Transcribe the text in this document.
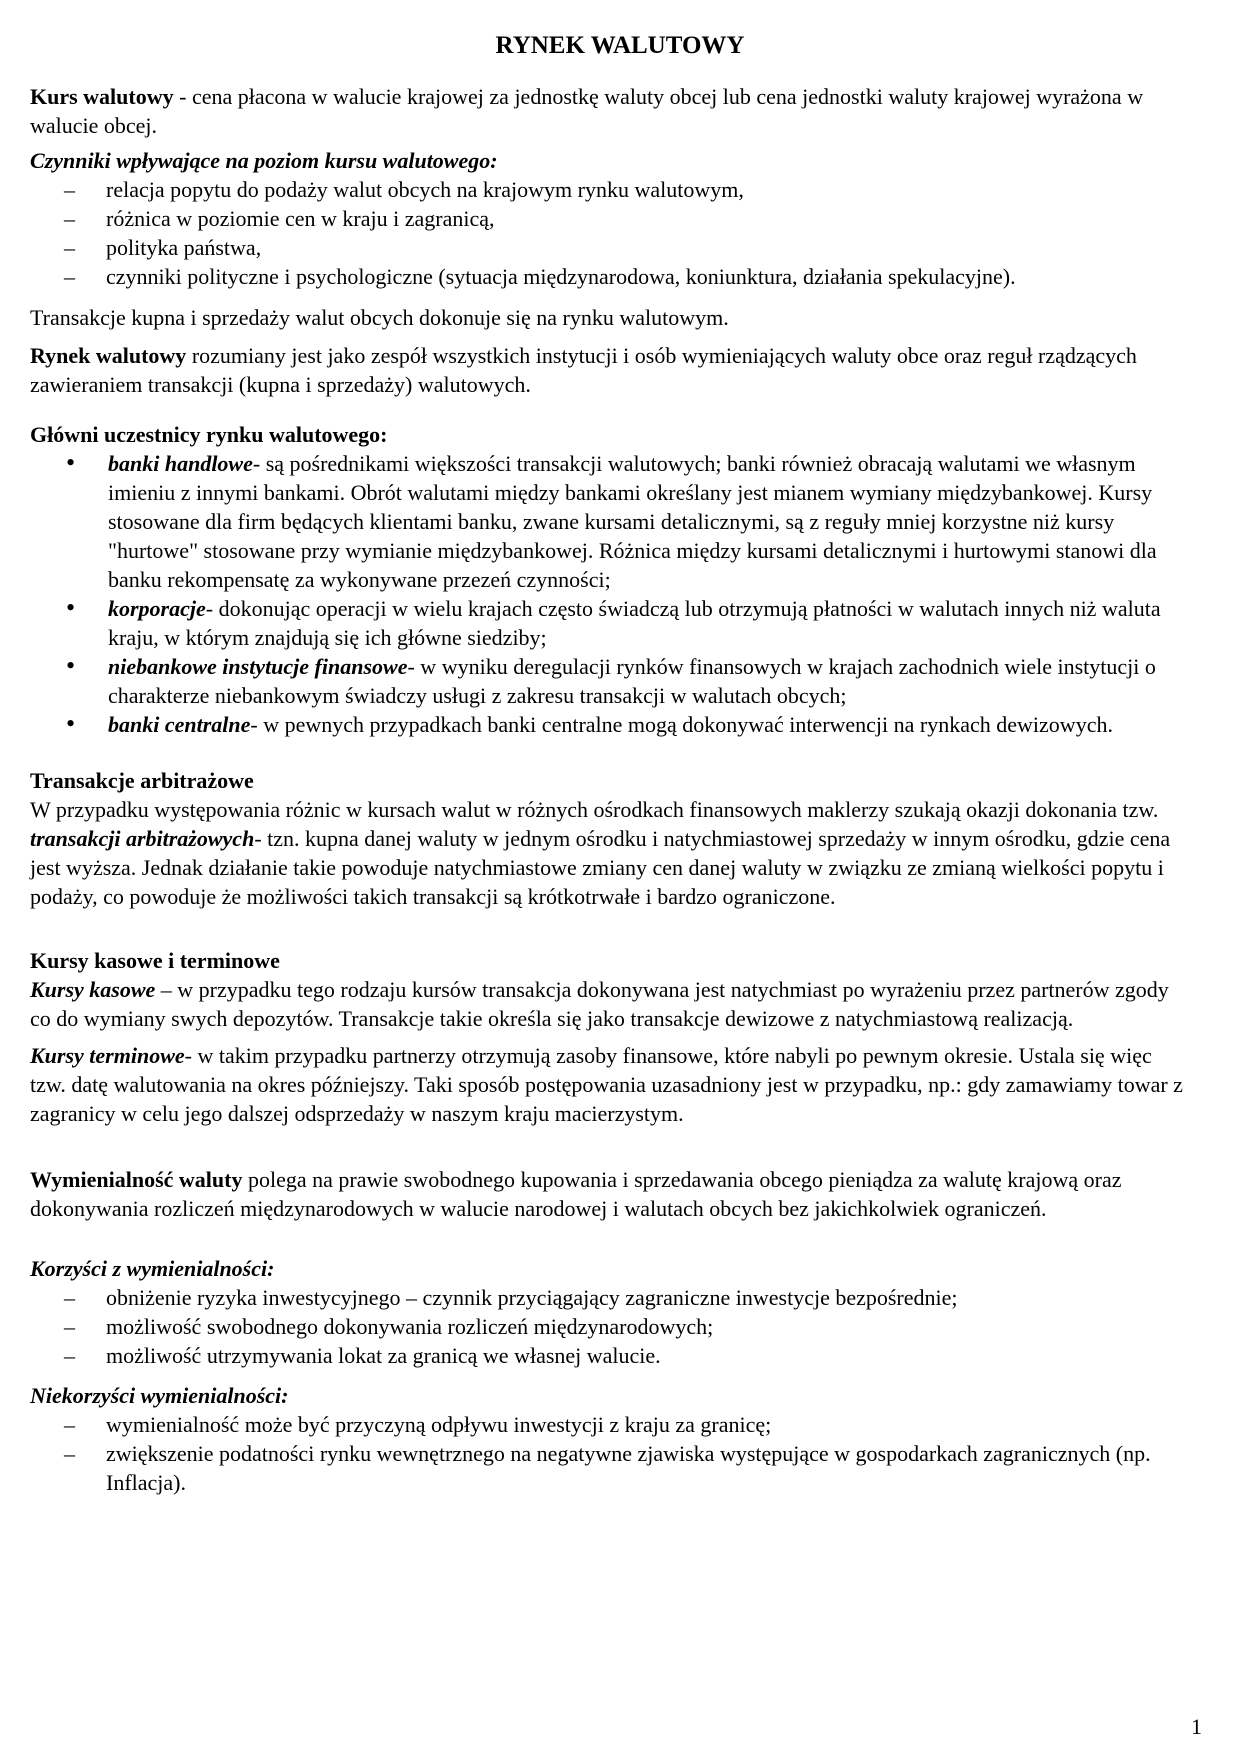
RYNEK WALUTOWY

Kurs walutowy - cena płacona w walucie krajowej za jednostkę waluty obcej lub cena jednostki waluty krajowej wyrażona w walucie obcej.

Czynniki wpływające na poziom kursu walutowego:

– relacja popytu do podaży walut obcych na krajowym rynku walutowym,
– różnica w poziomie cen w kraju i zagranicą,
– polityka państwa,
– czynniki polityczne i psychologiczne (sytuacja międzynarodowa, koniunktura, działania spekulacyjne).

Transakcje kupna i sprzedaży walut obcych dokonuje się na rynku walutowym.

Rynek walutowy rozumiany jest jako zespół wszystkich instytucji i osób wymieniających waluty obce oraz reguł rządzących zawieraniem transakcji (kupna i sprzedaży) walutowych.

Główni uczestnicy rynku walutowego:

• banki handlowe- są pośrednikami większości transakcji walutowych; banki również obracają walutami we własnym imieniu z innymi bankami. Obrót walutami między bankami określany jest mianem wymiany międzybankowej. Kursy stosowane dla firm będących klientami banku, zwane kursami detalicznymi, są z reguły mniej korzystne niż kursy "hurtowe" stosowane przy wymianie międzybankowej. Różnica między kursami detalicznymi i hurtowymi stanowi dla banku rekompensatę za wykonywane przezeń czynności;
• korporacje- dokonując operacji w wielu krajach często świadczą lub otrzymują płatności w walutach innych niż waluta kraju, w którym znajdują się ich główne siedziby;
• niebankowe instytucje finansowe- w wyniku deregulacji rynków finansowych w krajach zachodnich wiele instytucji o charakterze niebankowym świadczy usługi z zakresu transakcji w walutach obcych;
• banki centralne- w pewnych przypadkach banki centralne mogą dokonywać interwencji na rynkach dewizowych.

Transakcje arbitrażowe

W przypadku występowania różnic w kursach walut w różnych ośrodkach finansowych maklerzy szukają okazji dokonania tzw. transakcji arbitrażowych- tzn. kupna danej waluty w jednym ośrodku i natychmiastowej sprzedaży w innym ośrodku, gdzie cena jest wyższa. Jednak działanie takie powoduje natychmiastowe zmiany cen danej waluty w związku ze zmianą wielkości popytu i podaży, co powoduje że możliwości takich transakcji są krótkotrwałe i bardzo ograniczone.

Kursy kasowe i terminowe

Kursy kasowe – w przypadku tego rodzaju kursów transakcja dokonywana jest natychmiast po wyrażeniu przez partnerów zgody co do wymiany swych depozytów. Transakcje takie określa się jako transakcje dewizowe z natychmiastową realizacją.

Kursy terminowe- w takim przypadku partnerzy otrzymują zasoby finansowe, które nabyli po pewnym okresie. Ustala się więc tzw. datę walutowania na okres późniejszy. Taki sposób postępowania uzasadniony jest w przypadku, np.: gdy zamawiamy towar z zagranicy w celu jego dalszej odsprzedaży w naszym kraju macierzystym.

Wymienialność waluty polega na prawie swobodnego kupowania i sprzedawania obcego pieniądza za walutę krajową oraz dokonywania rozliczeń międzynarodowych w walucie narodowej i walutach obcych bez jakichkolwiek ograniczeń.

Korzyści z wymienialności:

– obniżenie ryzyka inwestycyjnego – czynnik przyciągający zagraniczne inwestycje bezpośrednie;
– możliwość swobodnego dokonywania rozliczeń międzynarodowych;
– możliwość utrzymywania lokat za granicą we własnej walucie.

Niekorzyści wymienialności:

– wymienialność może być przyczyną odpływu inwestycji z kraju za granicę;
– zwiększenie podatności rynku wewnętrznego na negatywne zjawiska występujące w gospodarkach zagranicznych (np. Inflacja).
1
